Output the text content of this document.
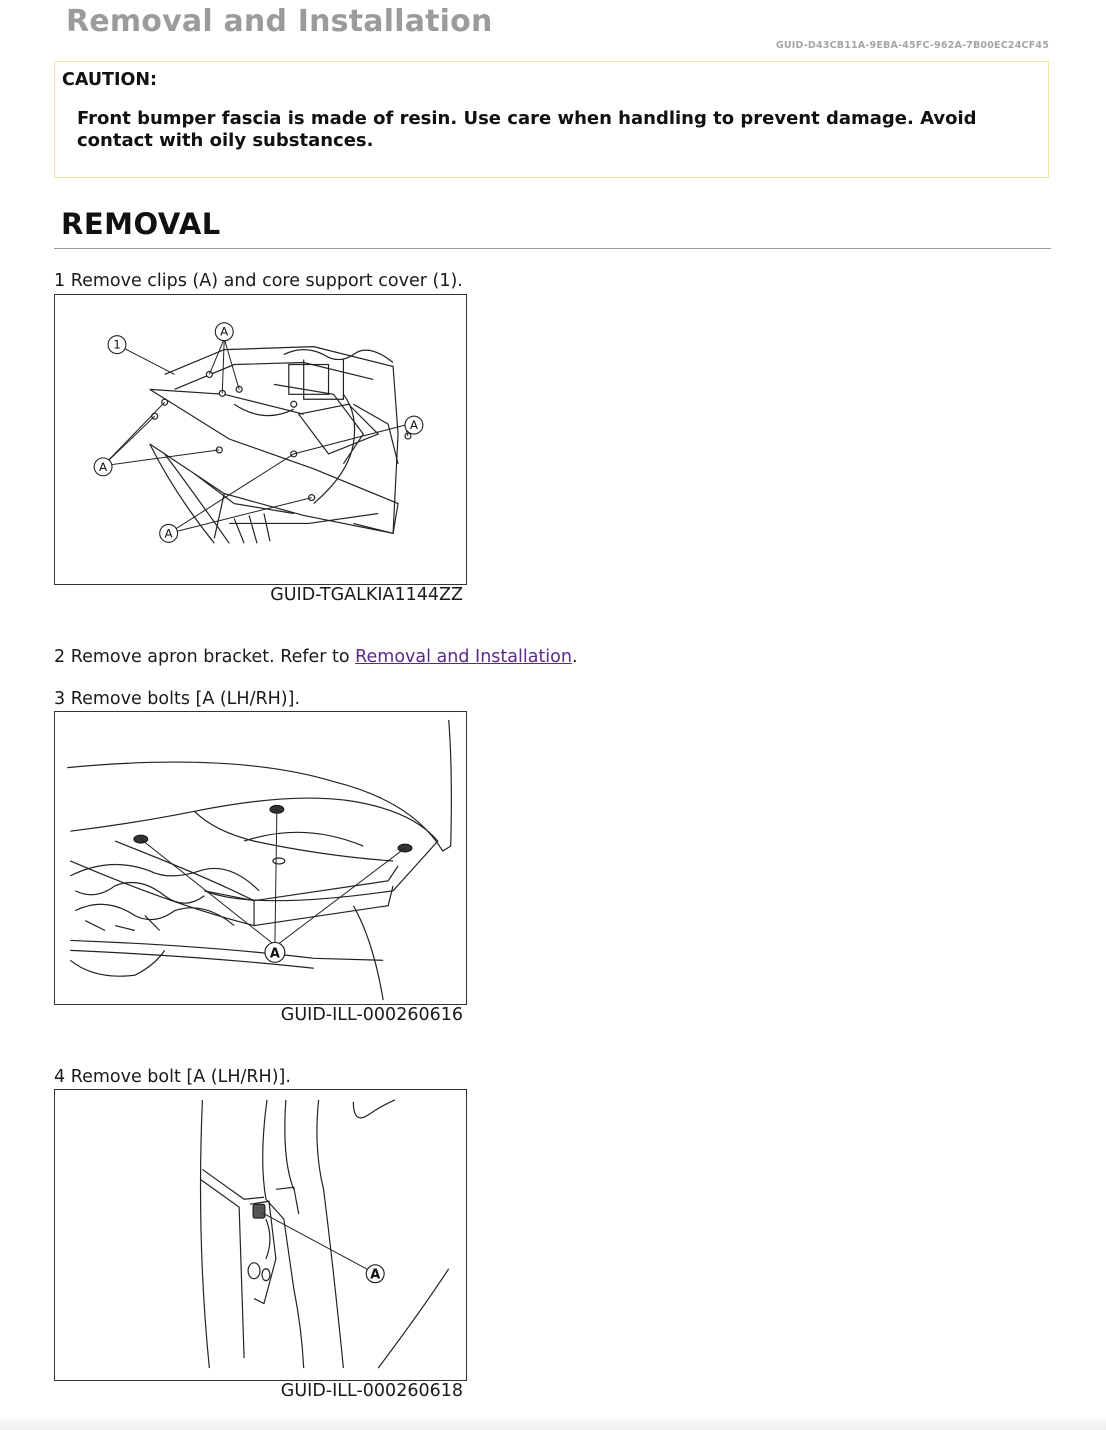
Removal and Installation
GUID-D43CB11A-9EBA-45FC-962A-7B00EC24CF45
CAUTION:
Front bumper fascia is made of resin. Use care when handling to prevent damage. Avoid contact with oily substances.
REMOVAL
1 Remove clips (A) and core support cover (1).
1
A
A
A
A
GUID-TGALKIA1144ZZ
2 Remove apron bracket. Refer to Removal and Installation.
3 Remove bolts [A (LH/RH)].
A
GUID-ILL-000260616
4 Remove bolt [A (LH/RH)].
A
GUID-ILL-000260618
